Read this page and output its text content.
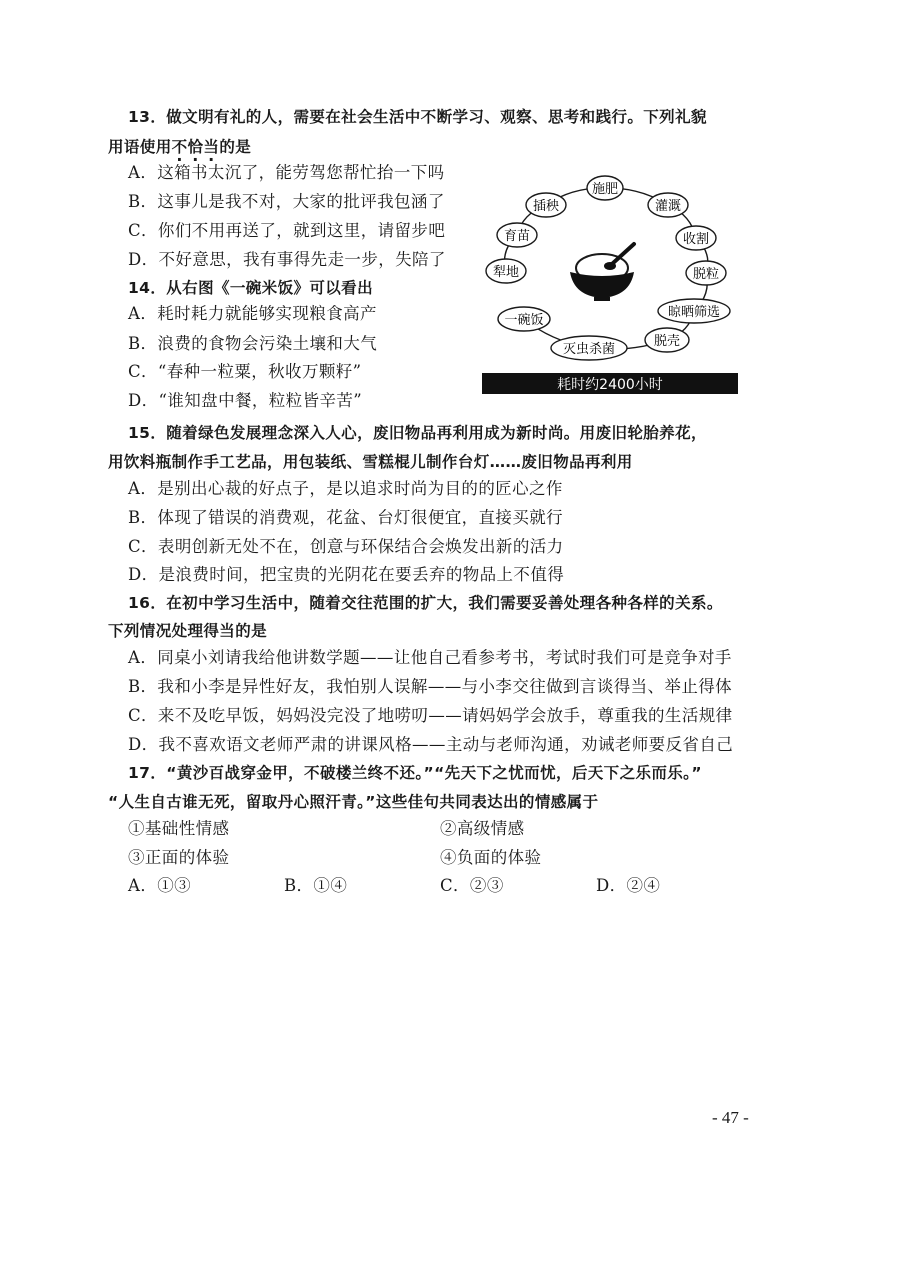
13．做文明有礼的人，需要在社会生活中不断学习、观察、思考和践行。下列礼貌
用语使用不恰当的是
A．这箱书太沉了，能劳驾您帮忙抬一下吗
B．这事儿是我不对，大家的批评我包涵了
C．你们不用再送了，就到这里，请留步吧
D．不好意思，我有事得先走一步，失陪了
14．从右图《一碗米饭》可以看出
A．耗时耗力就能够实现粮食高产
B．浪费的食物会污染土壤和大气
C．“春种一粒粟，秋收万颗籽”
D．“谁知盘中餐，粒粒皆辛苦”
施肥
灌溉
收割
脱粒
晾晒筛选
脱壳
灭虫杀菌
一碗饭
犁地
育苗
插秧
耗时约2400小时
15．随着绿色发展理念深入人心，废旧物品再利用成为新时尚。用废旧轮胎养花，
用饮料瓶制作手工艺品，用包装纸、雪糕棍儿制作台灯……废旧物品再利用
A．是别出心裁的好点子，是以追求时尚为目的的匠心之作
B．体现了错误的消费观，花盆、台灯很便宜，直接买就行
C．表明创新无处不在，创意与环保结合会焕发出新的活力
D．是浪费时间，把宝贵的光阴花在要丢弃的物品上不值得
16．在初中学习生活中，随着交往范围的扩大，我们需要妥善处理各种各样的关系。
下列情况处理得当的是
A．同桌小刘请我给他讲数学题——让他自己看参考书，考试时我们可是竞争对手
B．我和小李是异性好友，我怕别人误解——与小李交往做到言谈得当、举止得体
C．来不及吃早饭，妈妈没完没了地唠叨——请妈妈学会放手，尊重我的生活规律
D．我不喜欢语文老师严肃的讲课风格——主动与老师沟通，劝诫老师要反省自己
17．“黄沙百战穿金甲，不破楼兰终不还。”“先天下之忧而忧，后天下之乐而乐。”
“人生自古谁无死，留取丹心照汗青。”这些佳句共同表达出的情感属于
①基础性情感	②高级情感
③正面的体验	④负面的体验
A．①③	B．①④	C．②③	D．②④
- 47 -
